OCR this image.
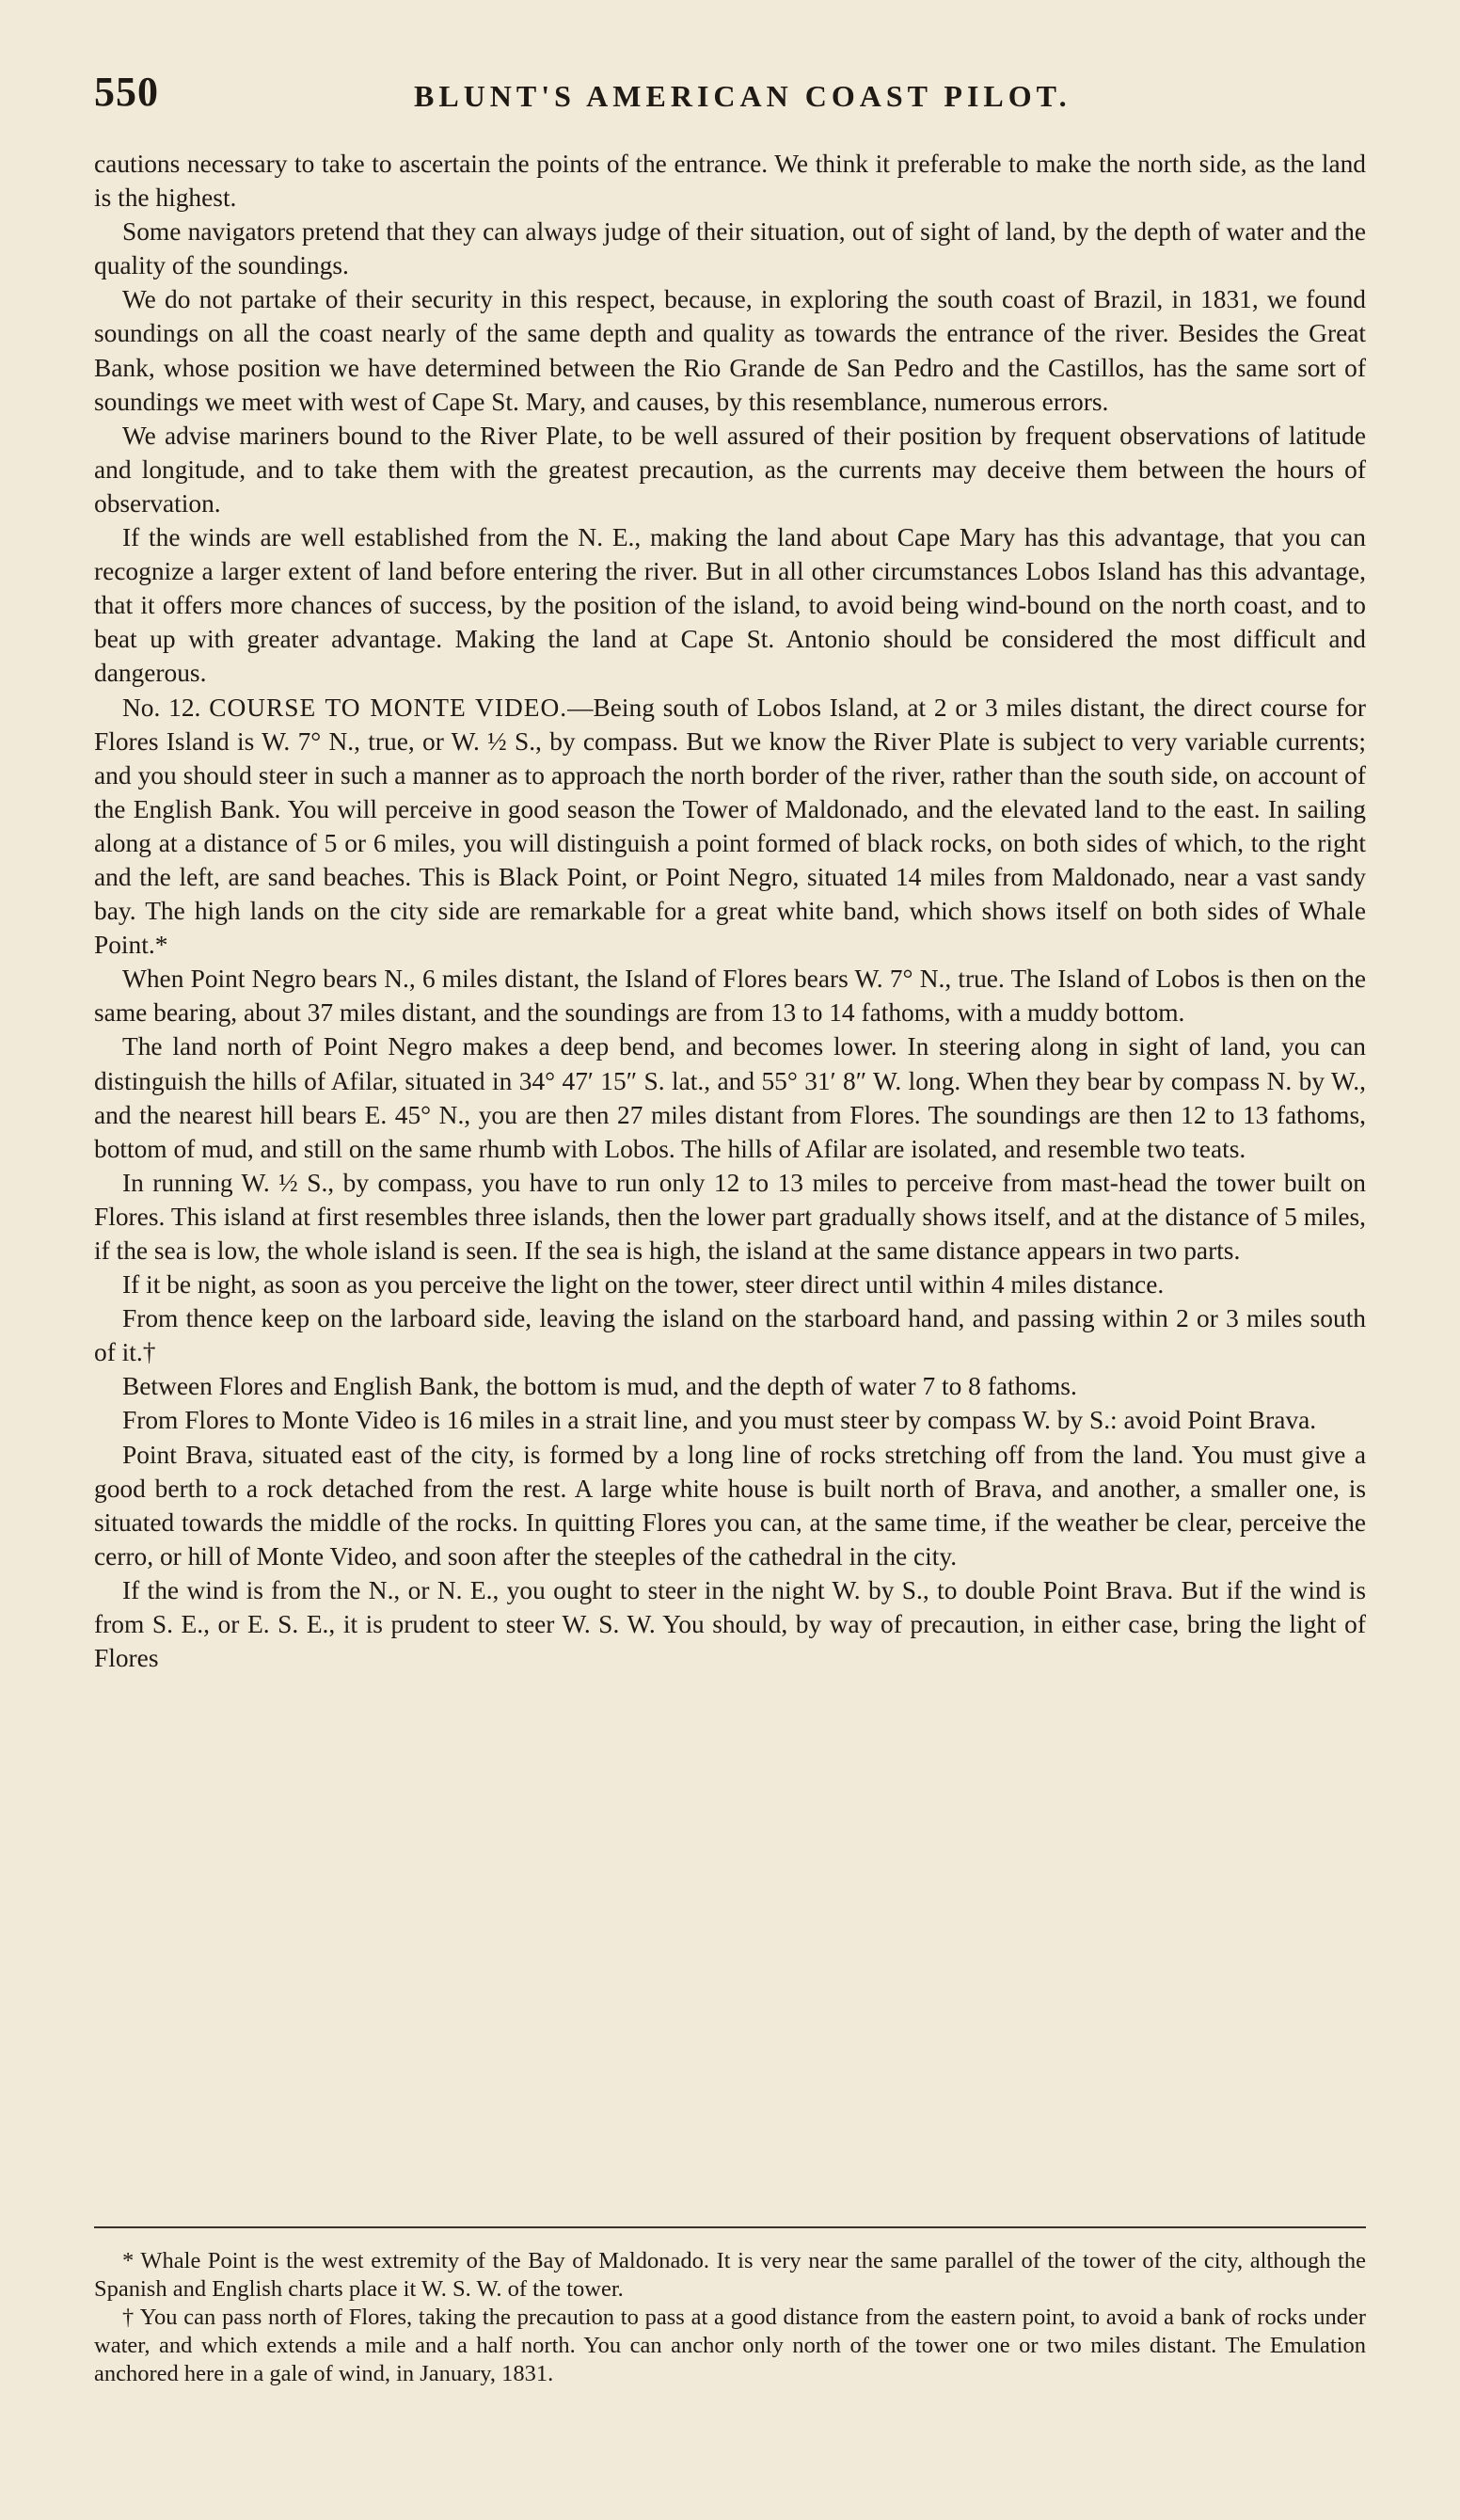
550	BLUNT'S AMERICAN COAST PILOT.

cautions necessary to take to ascertain the points of the entrance. We think it preferable to make the north side, as the land is the highest.

Some navigators pretend that they can always judge of their situation, out of sight of land, by the depth of water and the quality of the soundings.

We do not partake of their security in this respect, because, in exploring the south coast of Brazil, in 1831, we found soundings on all the coast nearly of the same depth and quality as towards the entrance of the river. Besides the Great Bank, whose position we have determined between the Rio Grande de San Pedro and the Castillos, has the same sort of soundings we meet with west of Cape St. Mary, and causes, by this resemblance, numerous errors.

We advise mariners bound to the River Plate, to be well assured of their position by frequent observations of latitude and longitude, and to take them with the greatest precaution, as the currents may deceive them between the hours of observation.

If the winds are well established from the N. E., making the land about Cape Mary has this advantage, that you can recognize a larger extent of land before entering the river. But in all other circumstances Lobos Island has this advantage, that it offers more chances of success, by the position of the island, to avoid being wind-bound on the north coast, and to beat up with greater advantage. Making the land at Cape St. Antonio should be considered the most difficult and dangerous.

No. 12. COURSE TO MONTE VIDEO.—Being south of Lobos Island, at 2 or 3 miles distant, the direct course for Flores Island is W. 7° N., true, or W. ½ S., by compass. But we know the River Plate is subject to very variable currents; and you should steer in such a manner as to approach the north border of the river, rather than the south side, on account of the English Bank. You will perceive in good season the Tower of Maldonado, and the elevated land to the east. In sailing along at a distance of 5 or 6 miles, you will distinguish a point formed of black rocks, on both sides of which, to the right and the left, are sand beaches. This is Black Point, or Point Negro, situated 14 miles from Maldonado, near a vast sandy bay. The high lands on the city side are remarkable for a great white band, which shows itself on both sides of Whale Point.*

When Point Negro bears N., 6 miles distant, the Island of Flores bears W. 7° N., true. The Island of Lobos is then on the same bearing, about 37 miles distant, and the soundings are from 13 to 14 fathoms, with a muddy bottom.

The land north of Point Negro makes a deep bend, and becomes lower. In steering along in sight of land, you can distinguish the hills of Afilar, situated in 34° 47′ 15″ S. lat., and 55° 31′ 8″ W. long. When they bear by compass N. by W., and the nearest hill bears E. 45° N., you are then 27 miles distant from Flores. The soundings are then 12 to 13 fathoms, bottom of mud, and still on the same rhumb with Lobos. The hills of Afilar are isolated, and resemble two teats.

In running W. ½ S., by compass, you have to run only 12 to 13 miles to perceive from mast-head the tower built on Flores. This island at first resembles three islands, then the lower part gradually shows itself, and at the distance of 5 miles, if the sea is low, the whole island is seen. If the sea is high, the island at the same distance appears in two parts.

If it be night, as soon as you perceive the light on the tower, steer direct until within 4 miles distance.

From thence keep on the larboard side, leaving the island on the starboard hand, and passing within 2 or 3 miles south of it.†

Between Flores and English Bank, the bottom is mud, and the depth of water 7 to 8 fathoms.

From Flores to Monte Video is 16 miles in a strait line, and you must steer by compass W. by S.: avoid Point Brava.

Point Brava, situated east of the city, is formed by a long line of rocks stretching off from the land. You must give a good berth to a rock detached from the rest. A large white house is built north of Brava, and another, a smaller one, is situated towards the middle of the rocks. In quitting Flores you can, at the same time, if the weather be clear, perceive the cerro, or hill of Monte Video, and soon after the steeples of the cathedral in the city.

If the wind is from the N., or N. E., you ought to steer in the night W. by S., to double Point Brava. But if the wind is from S. E., or E. S. E., it is prudent to steer W. S. W. You should, by way of precaution, in either case, bring the light of Flores

* Whale Point is the west extremity of the Bay of Maldonado. It is very near the same parallel of the tower of the city, although the Spanish and English charts place it W. S. W. of the tower.

† You can pass north of Flores, taking the precaution to pass at a good distance from the eastern point, to avoid a bank of rocks under water, and which extends a mile and a half north. You can anchor only north of the tower one or two miles distant. The Emulation anchored here in a gale of wind, in January, 1831.
